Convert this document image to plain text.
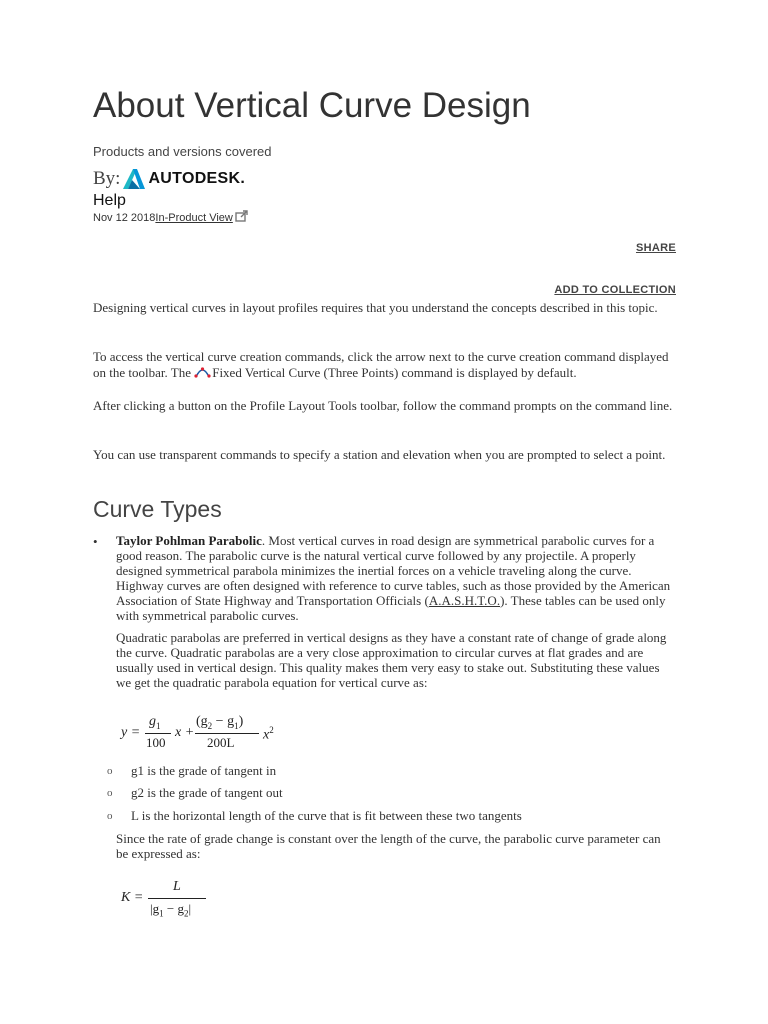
About Vertical Curve Design
Products and versions covered
By: AUTODESK.
Help
Nov 12 2018 In-Product View
SHARE
ADD TO COLLECTION

Designing vertical curves in layout profiles requires that you understand the concepts described in this topic.

To access the vertical curve creation commands, click the arrow next to the curve creation command displayed on the toolbar. The Fixed Vertical Curve (Three Points) command is displayed by default.

After clicking a button on the Profile Layout Tools toolbar, follow the command prompts on the command line.

You can use transparent commands to specify a station and elevation when you are prompted to select a point.

Curve Types
• Taylor Pohlman Parabolic. Most vertical curves in road design are symmetrical parabolic curves for a good reason. The parabolic curve is the natural vertical curve followed by any projectile. A properly designed symmetrical parabola minimizes the inertial forces on a vehicle traveling along the curve. Highway curves are often designed with reference to curve tables, such as those provided by the American Association of State Highway and Transportation Officials (A.A.S.H.T.O.). These tables can be used only with symmetrical parabolic curves.

Quadratic parabolas are preferred in vertical designs as they have a constant rate of change of grade along the curve. Quadratic parabolas are a very close approximation to circular curves at flat grades and are usually used in vertical design. This quality makes them very easy to stake out. Substituting these values we get the quadratic parabola equation for vertical curve as:

y =
$g_1$
100
x +
$(g_2 - g_1)$
200L $x^2$
o	g1 is the grade of tangent in
o	g2 is the grade of tangent out
o	L is the horizontal length of the curve that is fit between these two tangents

Since the rate of grade change is constant over the length of the curve, the parabolic curve parameter can be expressed as:

K =
L
$|g_1 - g_2|$
